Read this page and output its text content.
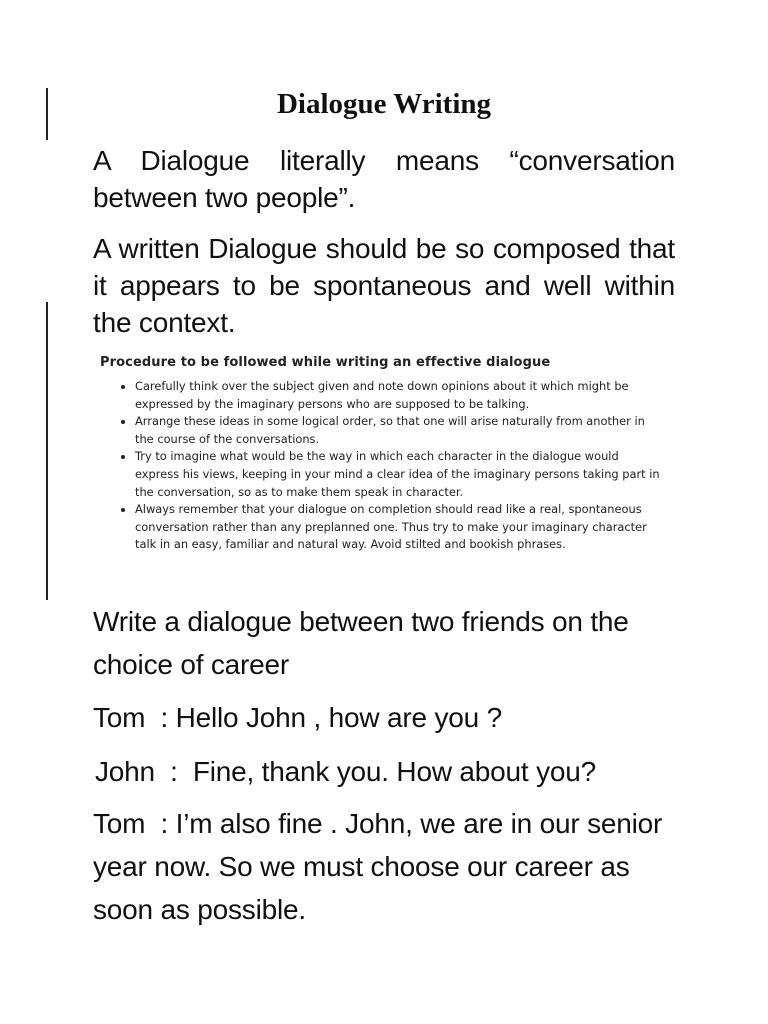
Dialogue Writing

A Dialogue literally means “conversation between two people”.

A written Dialogue should be so composed that it appears to be spontaneous and well within the context.

Procedure to be followed while writing an effective dialogue

• Carefully think over the subject given and note down opinions about it which might be expressed by the imaginary persons who are supposed to be talking.
• Arrange these ideas in some logical order, so that one will arise naturally from another in the course of the conversations.
• Try to imagine what would be the way in which each character in the dialogue would express his views, keeping in your mind a clear idea of the imaginary persons taking part in the conversation, so as to make them speak in character.
• Always remember that your dialogue on completion should read like a real, spontaneous conversation rather than any preplanned one. Thus try to make your imaginary character talk in an easy, familiar and natural way. Avoid stilted and bookish phrases.

Write a dialogue between two friends on the choice of career

Tom  : Hello John , how are you ?

John  :  Fine, thank you. How about you?

Tom  : I’m also fine . John, we are in our senior year now. So we must choose our career as soon as possible.
